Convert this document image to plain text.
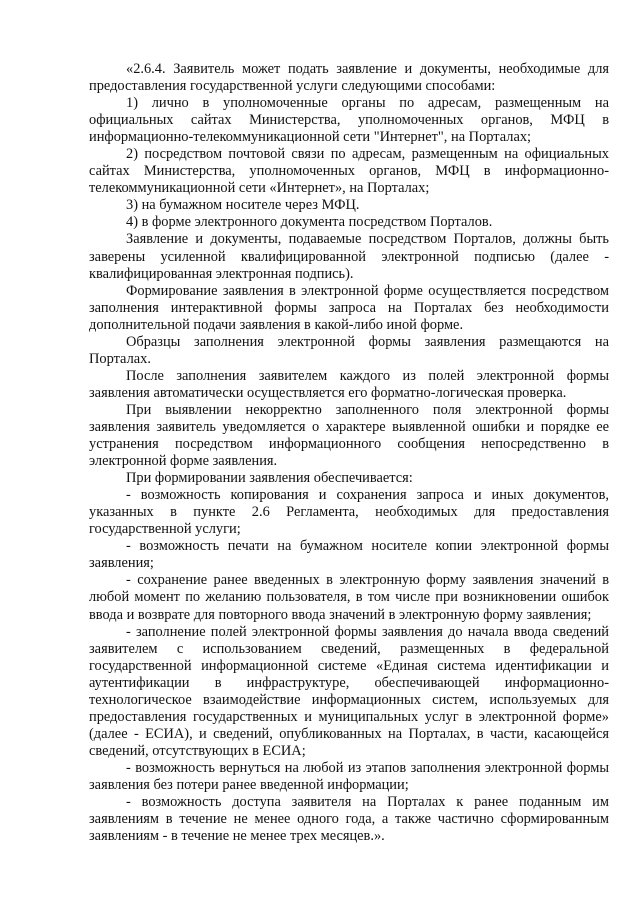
«2.6.4. Заявитель может подать заявление и документы, необходимые для предоставления государственной услуги следующими способами:

1) лично в уполномоченные органы по адресам, размещенным на официальных сайтах Министерства, уполномоченных органов, МФЦ в информационно-телекоммуникационной сети "Интернет", на Порталах;

2) посредством почтовой связи по адресам, размещенным на официальных сайтах Министерства, уполномоченных органов, МФЦ в информационно-телекоммуникационной сети «Интернет», на Порталах;

3) на бумажном носителе через МФЦ.

4) в форме электронного документа посредством Порталов.

Заявление и документы, подаваемые посредством Порталов, должны быть заверены усиленной квалифицированной электронной подписью (далее - квалифицированная электронная подпись).

Формирование заявления в электронной форме осуществляется посредством заполнения интерактивной формы запроса на Порталах без необходимости дополнительной подачи заявления в какой-либо иной форме.

Образцы заполнения электронной формы заявления размещаются на Порталах.

После заполнения заявителем каждого из полей электронной формы заявления автоматически осуществляется его форматно-логическая проверка.

При выявлении некорректно заполненного поля электронной формы заявления заявитель уведомляется о характере выявленной ошибки и порядке ее устранения посредством информационного сообщения непосредственно в электронной форме заявления.

При формировании заявления обеспечивается:

- возможность копирования и сохранения запроса и иных документов, указанных в пункте 2.6 Регламента, необходимых для предоставления государственной услуги;

- возможность печати на бумажном носителе копии электронной формы заявления;

- сохранение ранее введенных в электронную форму заявления значений в любой момент по желанию пользователя, в том числе при возникновении ошибок ввода и возврате для повторного ввода значений в электронную форму заявления;

- заполнение полей электронной формы заявления до начала ввода сведений заявителем с использованием сведений, размещенных в федеральной государственной информационной системе «Единая система идентификации и аутентификации в инфраструктуре, обеспечивающей информационно-технологическое взаимодействие информационных систем, используемых для предоставления государственных и муниципальных услуг в электронной форме» (далее - ЕСИА), и сведений, опубликованных на Порталах, в части, касающейся сведений, отсутствующих в ЕСИА;

- возможность вернуться на любой из этапов заполнения электронной формы заявления без потери ранее введенной информации;

- возможность доступа заявителя на Порталах к ранее поданным им заявлениям в течение не менее одного года, а также частично сформированным заявлениям - в течение не менее трех месяцев.».
